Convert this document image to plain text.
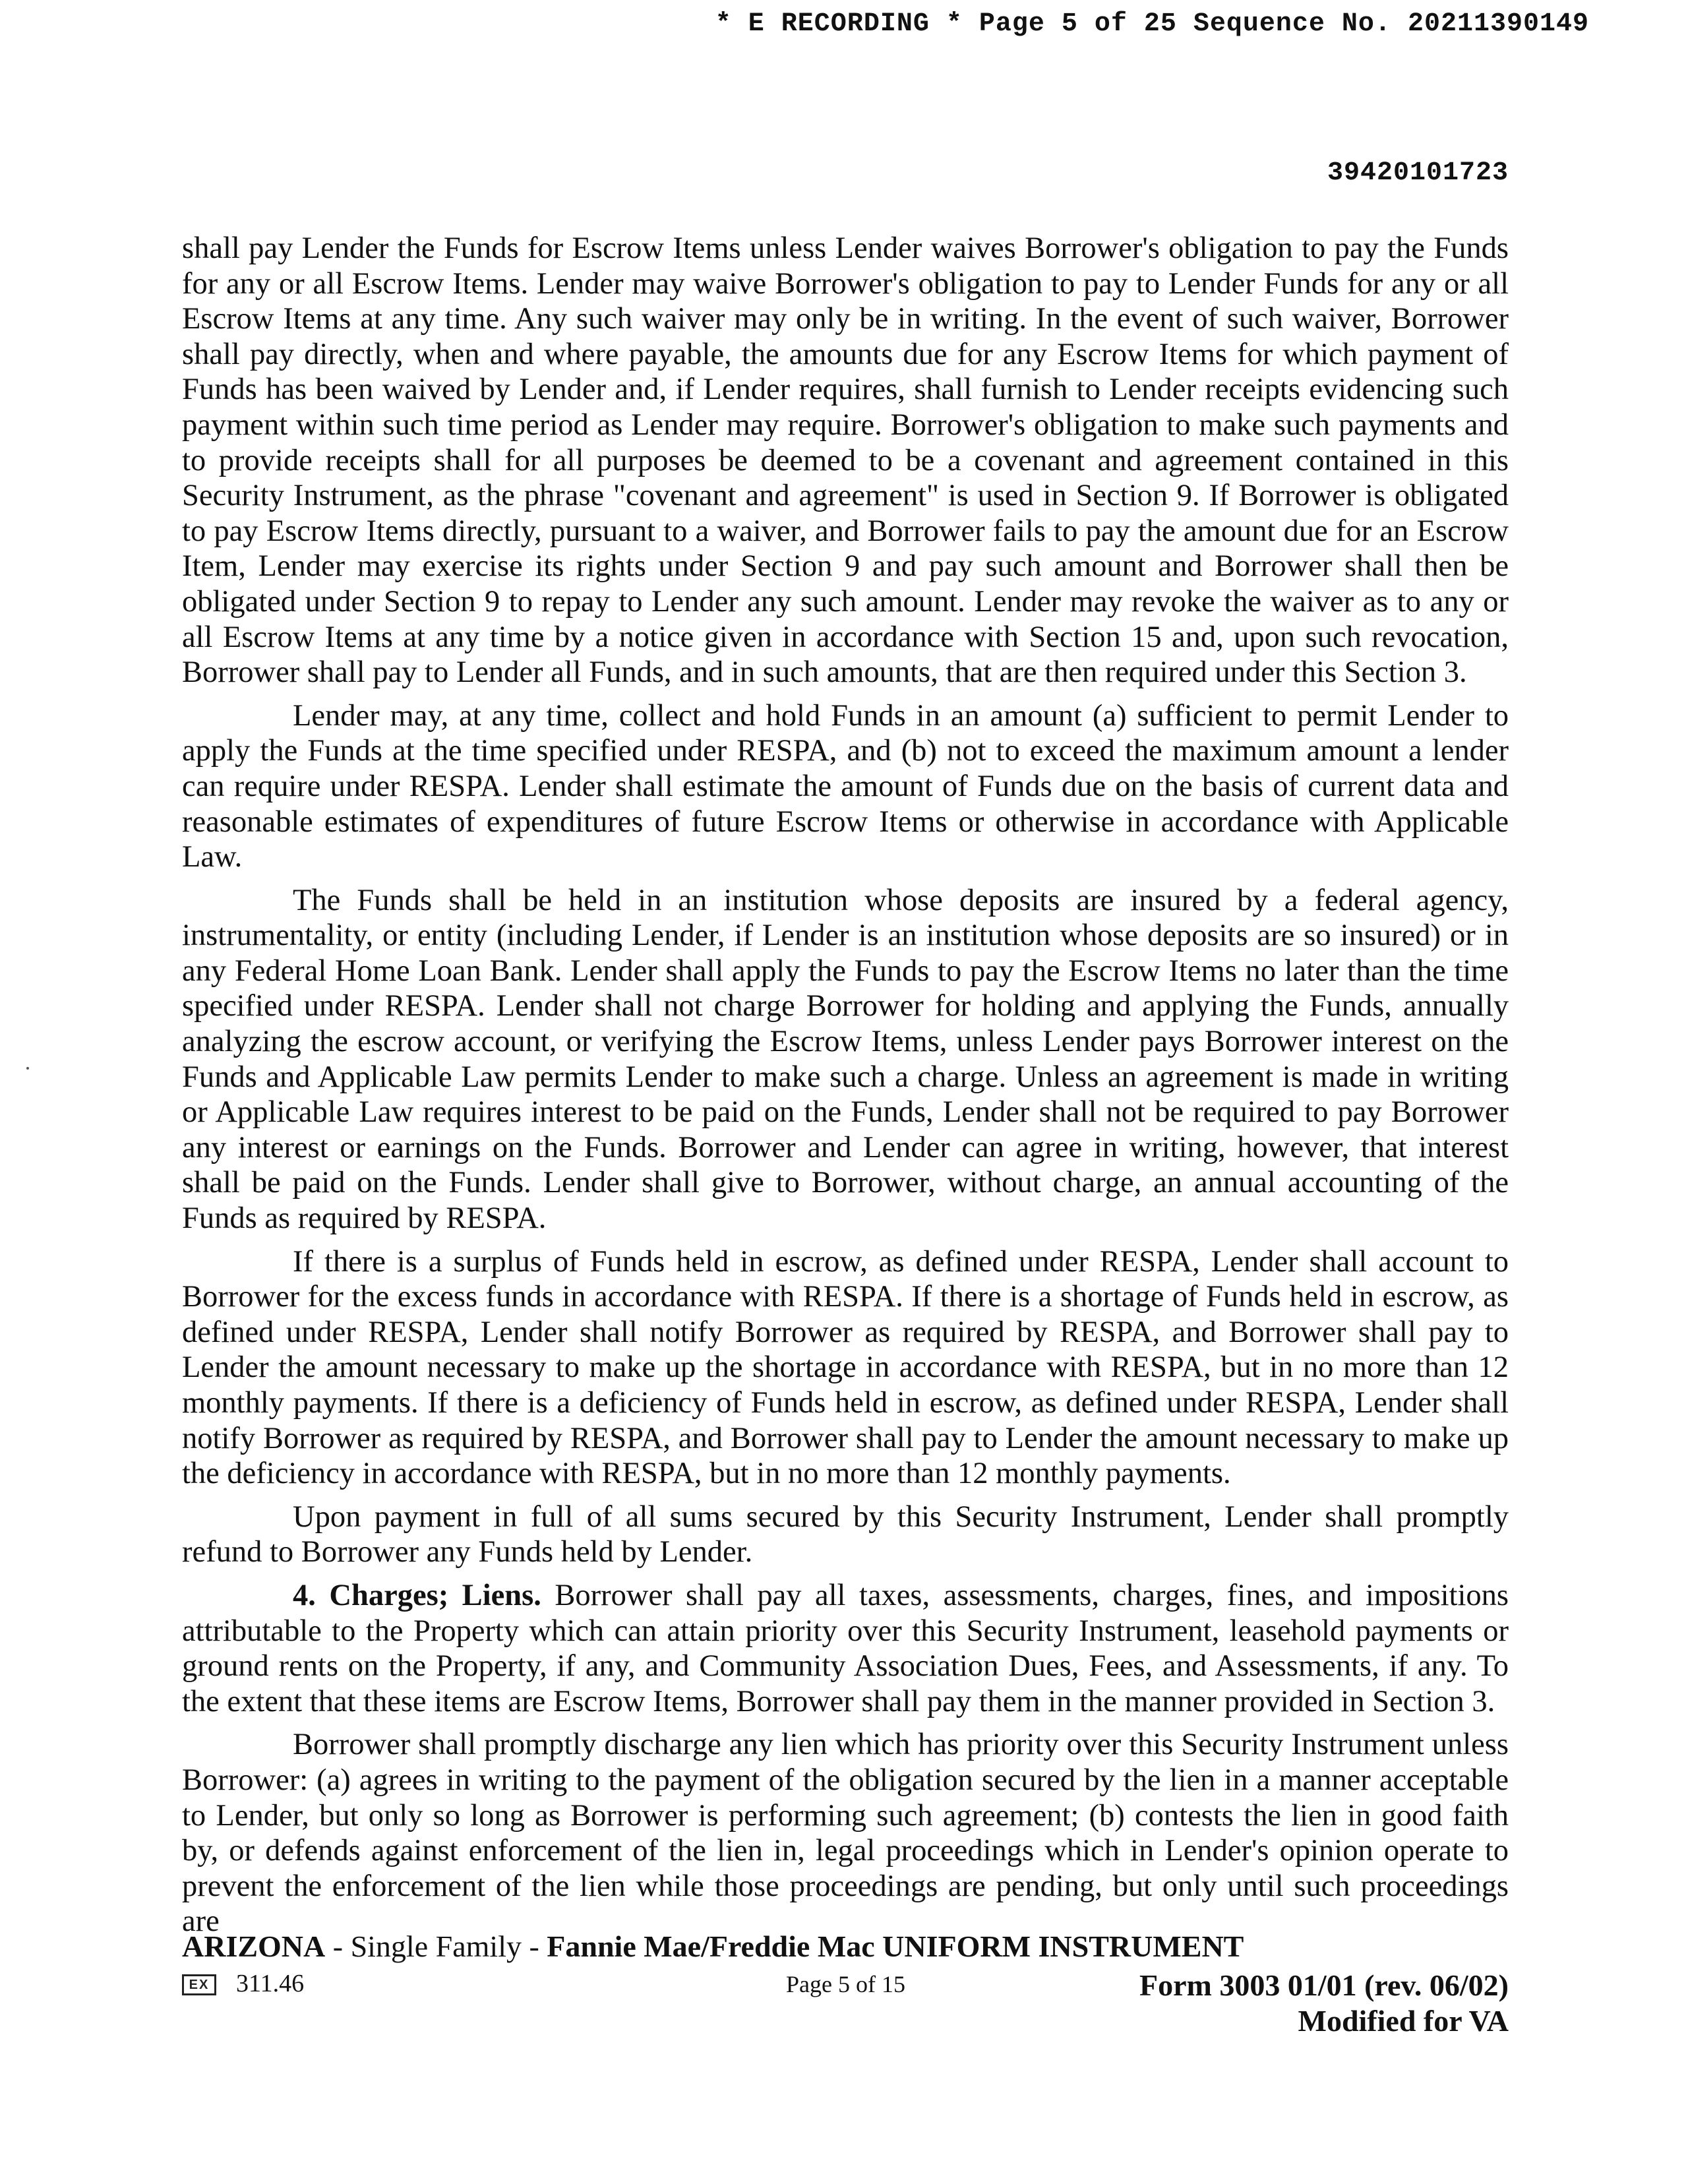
* E RECORDING * Page 5 of 25 Sequence No. 20211390149
39420101723

shall pay Lender the Funds for Escrow Items unless Lender waives Borrower's obligation to pay the Funds for any or all Escrow Items. Lender may waive Borrower's obligation to pay to Lender Funds for any or all Escrow Items at any time. Any such waiver may only be in writing. In the event of such waiver, Borrower shall pay directly, when and where payable, the amounts due for any Escrow Items for which payment of Funds has been waived by Lender and, if Lender requires, shall furnish to Lender receipts evidencing such payment within such time period as Lender may require. Borrower's obligation to make such payments and to provide receipts shall for all purposes be deemed to be a covenant and agreement contained in this Security Instrument, as the phrase "covenant and agreement" is used in Section 9. If Borrower is obligated to pay Escrow Items directly, pursuant to a waiver, and Borrower fails to pay the amount due for an Escrow Item, Lender may exercise its rights under Section 9 and pay such amount and Borrower shall then be obligated under Section 9 to repay to Lender any such amount. Lender may revoke the waiver as to any or all Escrow Items at any time by a notice given in accordance with Section 15 and, upon such revocation, Borrower shall pay to Lender all Funds, and in such amounts, that are then required under this Section 3.

Lender may, at any time, collect and hold Funds in an amount (a) sufficient to permit Lender to apply the Funds at the time specified under RESPA, and (b) not to exceed the maximum amount a lender can require under RESPA. Lender shall estimate the amount of Funds due on the basis of current data and reasonable estimates of expenditures of future Escrow Items or otherwise in accordance with Applicable Law.

The Funds shall be held in an institution whose deposits are insured by a federal agency, instrumentality, or entity (including Lender, if Lender is an institution whose deposits are so insured) or in any Federal Home Loan Bank. Lender shall apply the Funds to pay the Escrow Items no later than the time specified under RESPA. Lender shall not charge Borrower for holding and applying the Funds, annually analyzing the escrow account, or verifying the Escrow Items, unless Lender pays Borrower interest on the Funds and Applicable Law permits Lender to make such a charge. Unless an agreement is made in writing or Applicable Law requires interest to be paid on the Funds, Lender shall not be required to pay Borrower any interest or earnings on the Funds. Borrower and Lender can agree in writing, however, that interest shall be paid on the Funds. Lender shall give to Borrower, without charge, an annual accounting of the Funds as required by RESPA.

If there is a surplus of Funds held in escrow, as defined under RESPA, Lender shall account to Borrower for the excess funds in accordance with RESPA. If there is a shortage of Funds held in escrow, as defined under RESPA, Lender shall notify Borrower as required by RESPA, and Borrower shall pay to Lender the amount necessary to make up the shortage in accordance with RESPA, but in no more than 12 monthly payments. If there is a deficiency of Funds held in escrow, as defined under RESPA, Lender shall notify Borrower as required by RESPA, and Borrower shall pay to Lender the amount necessary to make up the deficiency in accordance with RESPA, but in no more than 12 monthly payments.

Upon payment in full of all sums secured by this Security Instrument, Lender shall promptly refund to Borrower any Funds held by Lender.

4. Charges; Liens. Borrower shall pay all taxes, assessments, charges, fines, and impositions attributable to the Property which can attain priority over this Security Instrument, leasehold payments or ground rents on the Property, if any, and Community Association Dues, Fees, and Assessments, if any. To the extent that these items are Escrow Items, Borrower shall pay them in the manner provided in Section 3.

Borrower shall promptly discharge any lien which has priority over this Security Instrument unless Borrower: (a) agrees in writing to the payment of the obligation secured by the lien in a manner acceptable to Lender, but only so long as Borrower is performing such agreement; (b) contests the lien in good faith by, or defends against enforcement of the lien in, legal proceedings which in Lender's opinion operate to prevent the enforcement of the lien while those proceedings are pending, but only until such proceedings are

ARIZONA - Single Family - Fannie Mae/Freddie Mac UNIFORM INSTRUMENT
EX 311.46	Page 5 of 15	Form 3003 01/01 (rev. 06/02)
Modified for VA
